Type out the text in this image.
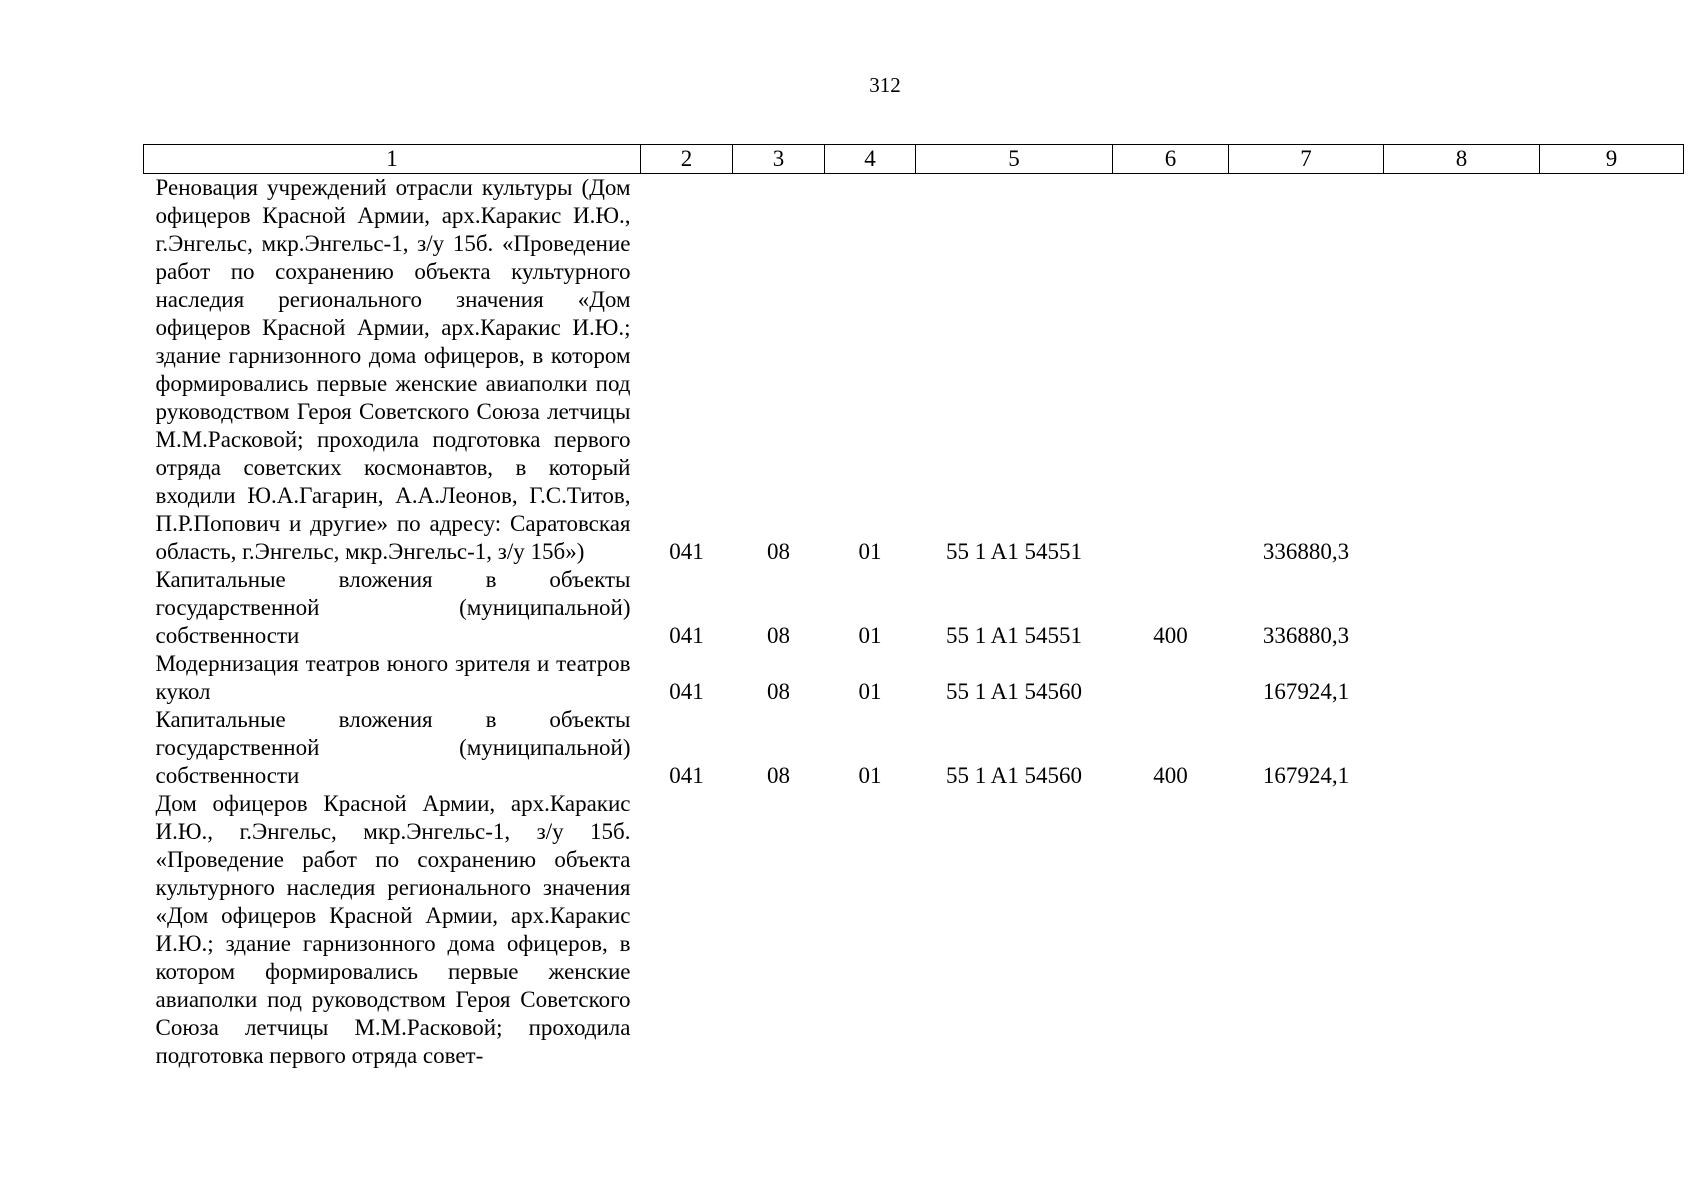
312
1	2	3	4	5	6	7	8	9
Реновация учреждений отрасли культуры (Дом офицеров Красной Армии, арх.Каракис И.Ю., г.Энгельс, мкр.Энгельс-1, з/у 15б. «Проведение работ по сохранению объекта культурного наследия регионального значения «Дом офицеров Красной Армии, арх.Каракис И.Ю.; здание гарнизонного дома офицеров, в котором формировались первые женские авиаполки под руководством Героя Советского Союза летчицы М.М.Расковой; проходила подготовка первого отряда советских космонавтов, в который входили Ю.А.Гагарин, А.А.Леонов, Г.С.Титов, П.Р.Попович и другие» по адресу: Саратовская область, г.Энгельс, мкр.Энгельс-1, з/у 15б»)	041	08	01	55 1 A1 54551		336880,3		
Капитальные вложения в объекты государственной (муниципальной) собственности	041	08	01	55 1 A1 54551	400	336880,3		
Модернизация театров юного зрителя и театров кукол	041	08	01	55 1 A1 54560		167924,1		
Капитальные вложения в объекты государственной (муниципальной) собственности	041	08	01	55 1 A1 54560	400	167924,1		
Дом офицеров Красной Армии, арх.Каракис И.Ю., г.Энгельс, мкр.Энгельс-1, з/у 15б. «Проведение работ по сохранению объекта культурного наследия регионального значения «Дом офицеров Красной Армии, арх.Каракис И.Ю.; здание гарнизонного дома офицеров, в котором формировались первые женские авиаполки под руководством Героя Советского Союза летчицы М.М.Расковой; проходила подготовка первого отряда совет-								
